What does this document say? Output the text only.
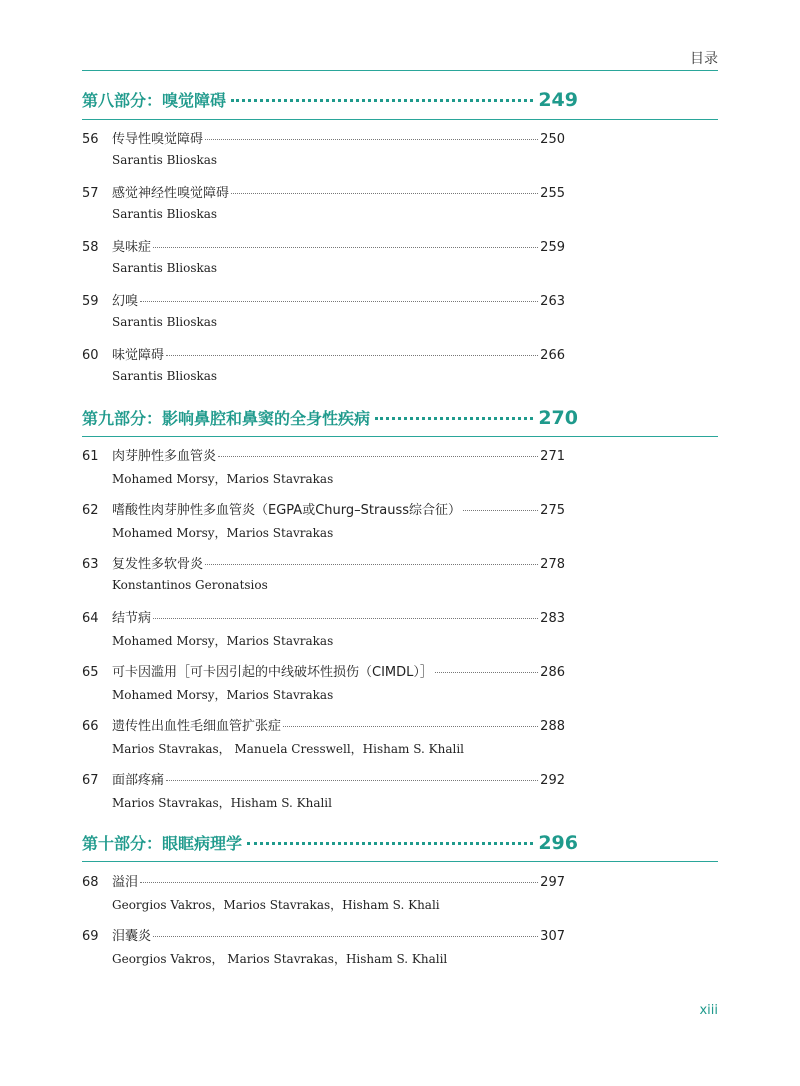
目录
第八部分：嗅觉障碍	249
56	传导性嗅觉障碍	250
Sarantis Blioskas
57	感觉神经性嗅觉障碍	255
Sarantis Blioskas
58	臭味症	259
Sarantis Blioskas
59	幻嗅	263
Sarantis Blioskas
60	味觉障碍	266
Sarantis Blioskas
第九部分：影响鼻腔和鼻窦的全身性疾病	270
61	肉芽肿性多血管炎	271
Mohamed Morsy，Marios Stavrakas
62	嗜酸性肉芽肿性多血管炎（EGPA或Churg–Strauss综合征）	275
Mohamed Morsy，Marios Stavrakas
63	复发性多软骨炎	278
Konstantinos Geronatsios
64	结节病	283
Mohamed Morsy，Marios Stavrakas
65	可卡因滥用［可卡因引起的中线破坏性损伤（CIMDL）］	286
Mohamed Morsy，Marios Stavrakas
66	遗传性出血性毛细血管扩张症	288
Marios Stavrakas， Manuela Cresswell，Hisham S. Khalil
67	面部疼痛	292
Marios Stavrakas，Hisham S. Khalil
第十部分：眼眶病理学	296
68	溢泪	297
Georgios Vakros，Marios Stavrakas，Hisham S. Khali
69	泪囊炎	307
Georgios Vakros， Marios Stavrakas，Hisham S. Khalil
xiii
